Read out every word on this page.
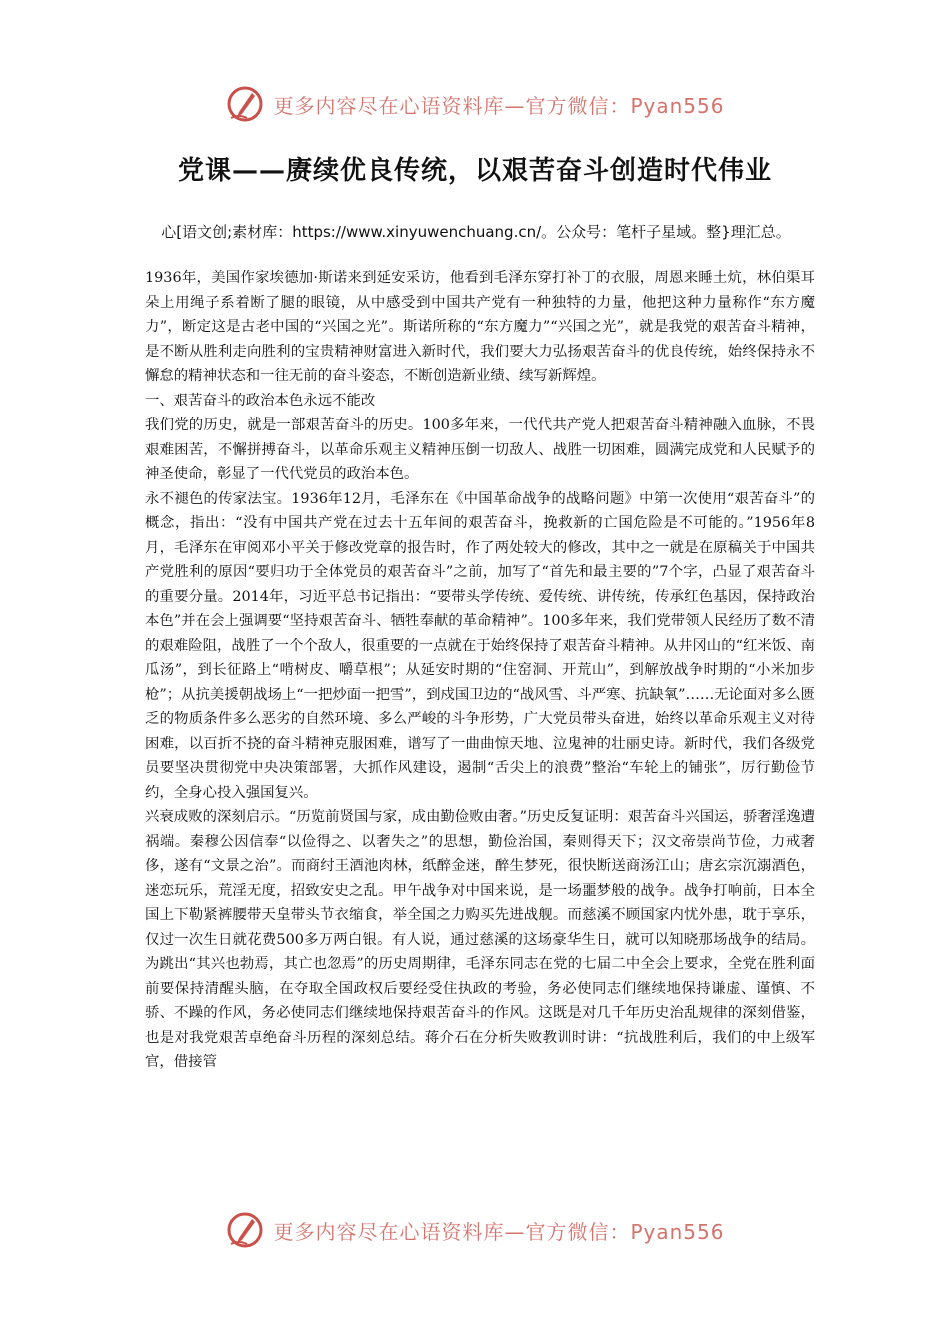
更多内容尽在心语资料库—官方微信：Pyan556
党课——赓续优良传统，以艰苦奋斗创造时代伟业
心[语文创;素材库：https://www.xinyuwenchuang.cn/。公众号：笔杆子星域。整}理汇总。

1936年，美国作家埃德加·斯诺来到延安采访，他看到毛泽东穿打补丁的衣服，周恩来睡土炕，林伯渠耳朵上用绳子系着断了腿的眼镜，从中感受到中国共产党有一种独特的力量，他把这种力量称作“东方魔力”，断定这是古老中国的“兴国之光”。斯诺所称的“东方魔力”“兴国之光”，就是我党的艰苦奋斗精神，是不断从胜利走向胜利的宝贵精神财富进入新时代，我们要大力弘扬艰苦奋斗的优良传统，始终保持永不懈怠的精神状态和一往无前的奋斗姿态，不断创造新业绩、续写新辉煌。

一、艰苦奋斗的政治本色永远不能改

我们党的历史，就是一部艰苦奋斗的历史。100多年来，一代代共产党人把艰苦奋斗精神融入血脉，不畏艰难困苦，不懈拼搏奋斗，以革命乐观主义精神压倒一切敌人、战胜一切困难，圆满完成党和人民赋予的神圣使命，彰显了一代代党员的政治本色。

永不褪色的传家法宝。1936年12月，毛泽东在《中国革命战争的战略问题》中第一次使用“艰苦奋斗”的概念，指出：“没有中国共产党在过去十五年间的艰苦奋斗，挽救新的亡国危险是不可能的。”1956年8月，毛泽东在审阅邓小平关于修改党章的报告时，作了两处较大的修改，其中之一就是在原稿关于中国共产党胜利的原因“要归功于全体党员的艰苦奋斗”之前，加写了“首先和最主要的”7个字，凸显了艰苦奋斗的重要分量。2014年，习近平总书记指出：“要带头学传统、爱传统、讲传统，传承红色基因，保持政治本色”并在会上强调要“坚持艰苦奋斗、牺牲奉献的革命精神”。100多年来，我们党带领人民经历了数不清的艰难险阻，战胜了一个个敌人，很重要的一点就在于始终保持了艰苦奋斗精神。从井冈山的“红米饭、南瓜汤”，到长征路上“啃树皮、嚼草根”；从延安时期的“住窑洞、开荒山”，到解放战争时期的“小米加步枪”；从抗美援朝战场上“一把炒面一把雪”，到戍国卫边的“战风雪、斗严寒、抗缺氧”……无论面对多么匮乏的物质条件多么恶劣的自然环境、多么严峻的斗争形势，广大党员带头奋进，始终以革命乐观主义对待困难，以百折不挠的奋斗精神克服困难，谱写了一曲曲惊天地、泣鬼神的壮丽史诗。新时代，我们各级党员要坚决贯彻党中央决策部署，大抓作风建设，遏制“舌尖上的浪费”整治“车轮上的铺张”，厉行勤俭节约，全身心投入强国复兴。

兴衰成败的深刻启示。“历览前贤国与家，成由勤俭败由奢。”历史反复证明：艰苦奋斗兴国运，骄奢淫逸遭祸端。秦穆公因信奉“以俭得之、以奢失之”的思想，勤俭治国，秦则得天下；汉文帝崇尚节俭，力戒奢侈，遂有“文景之治”。而商纣王酒池肉林，纸醉金迷，醉生梦死，很快断送商汤江山；唐玄宗沉溺酒色，迷恋玩乐，荒淫无度，招致安史之乱。甲午战争对中国来说，是一场噩梦般的战争。战争打响前，日本全国上下勒紧裤腰带天皇带头节衣缩食，举全国之力购买先进战舰。而慈溪不顾国家内忧外患，耽于享乐，仅过一次生日就花费500多万两白银。有人说，通过慈溪的这场豪华生日，就可以知晓那场战争的结局。为跳出“其兴也勃焉，其亡也忽焉”的历史周期律，毛泽东同志在党的七届二中全会上要求，全党在胜利面前要保持清醒头脑，在夺取全国政权后要经受住执政的考验，务必使同志们继续地保持谦虚、谨慎、不骄、不躁的作风，务必使同志们继续地保持艰苦奋斗的作风。这既是对几千年历史治乱规律的深刻借鉴，也是对我党艰苦卓绝奋斗历程的深刻总结。蒋介石在分析失败教训时讲：“抗战胜利后，我们的中上级军官，借接管

更多内容尽在心语资料库—官方微信：Pyan556
